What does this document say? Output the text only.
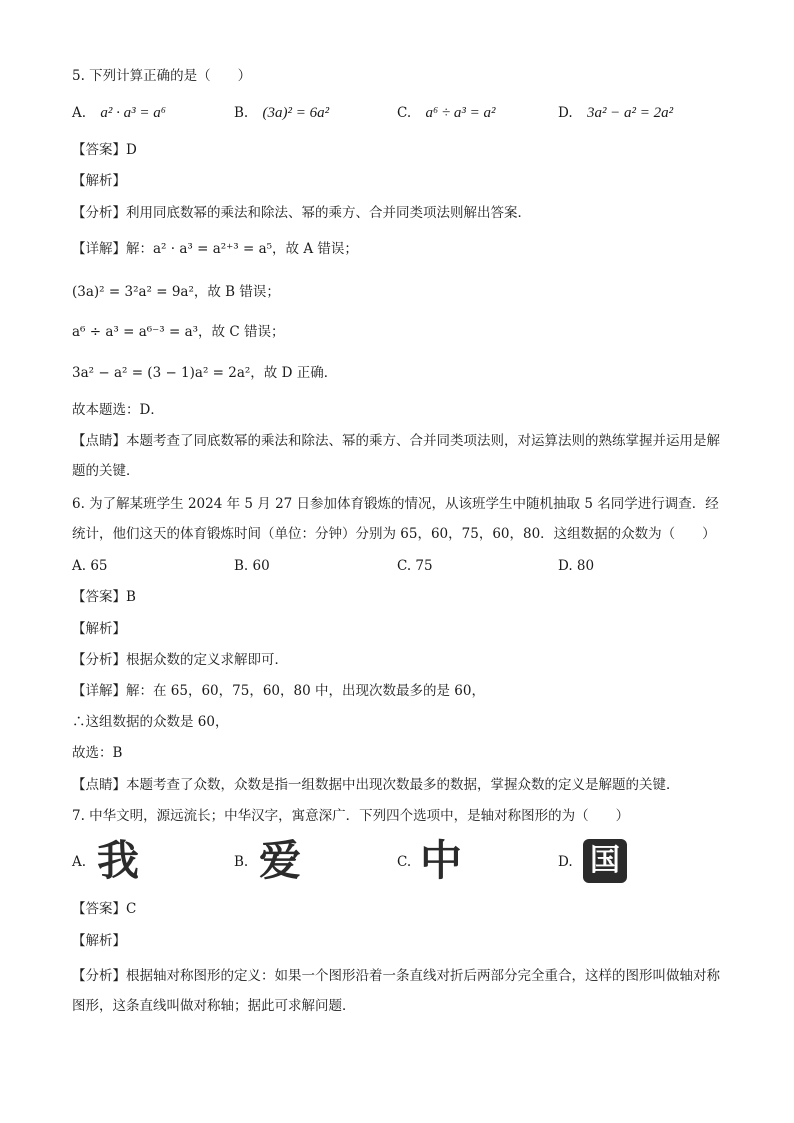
5. 下列计算正确的是（　　）
A. a² · a³ = a⁶	B. (3a)² = 6a²	C. a⁶ ÷ a³ = a²	D. 3a² − a² = 2a²
【答案】D
【解析】
【分析】利用同底数幂的乘法和除法、幂的乘方、合并同类项法则解出答案．
【详解】解：a² · a³ = a²⁺³ = a⁵，故 A 错误；
(3a)² = 3²a² = 9a²，故 B 错误；
a⁶ ÷ a³ = a⁶⁻³ = a³，故 C 错误；
3a² − a² = (3 − 1)a² = 2a²，故 D 正确．
故本题选：D．
【点睛】本题考查了同底数幂的乘法和除法、幂的乘方、合并同类项法则，对运算法则的熟练掌握并运用是解题的关键．
6. 为了解某班学生 2024 年 5 月 27 日参加体育锻炼的情况，从该班学生中随机抽取 5 名同学进行调查．经统计，他们这天的体育锻炼时间（单位：分钟）分别为 65，60，75，60，80．这组数据的众数为（　　）
A. 65	B. 60	C. 75	D. 80
【答案】B
【解析】
【分析】根据众数的定义求解即可．
【详解】解：在 65，60，75，60，80 中，出现次数最多的是 60，
∴这组数据的众数是 60，
故选：B
【点睛】本题考查了众数，众数是指一组数据中出现次数最多的数据，掌握众数的定义是解题的关键．
7. 中华文明，源远流长；中华汉字，寓意深广．下列四个选项中，是轴对称图形的为（　　）
A. 我	B. 爱	C. 中	D. 国
【答案】C
【解析】
【分析】根据轴对称图形的定义：如果一个图形沿着一条直线对折后两部分完全重合，这样的图形叫做轴对称图形，这条直线叫做对称轴；据此可求解问题．
